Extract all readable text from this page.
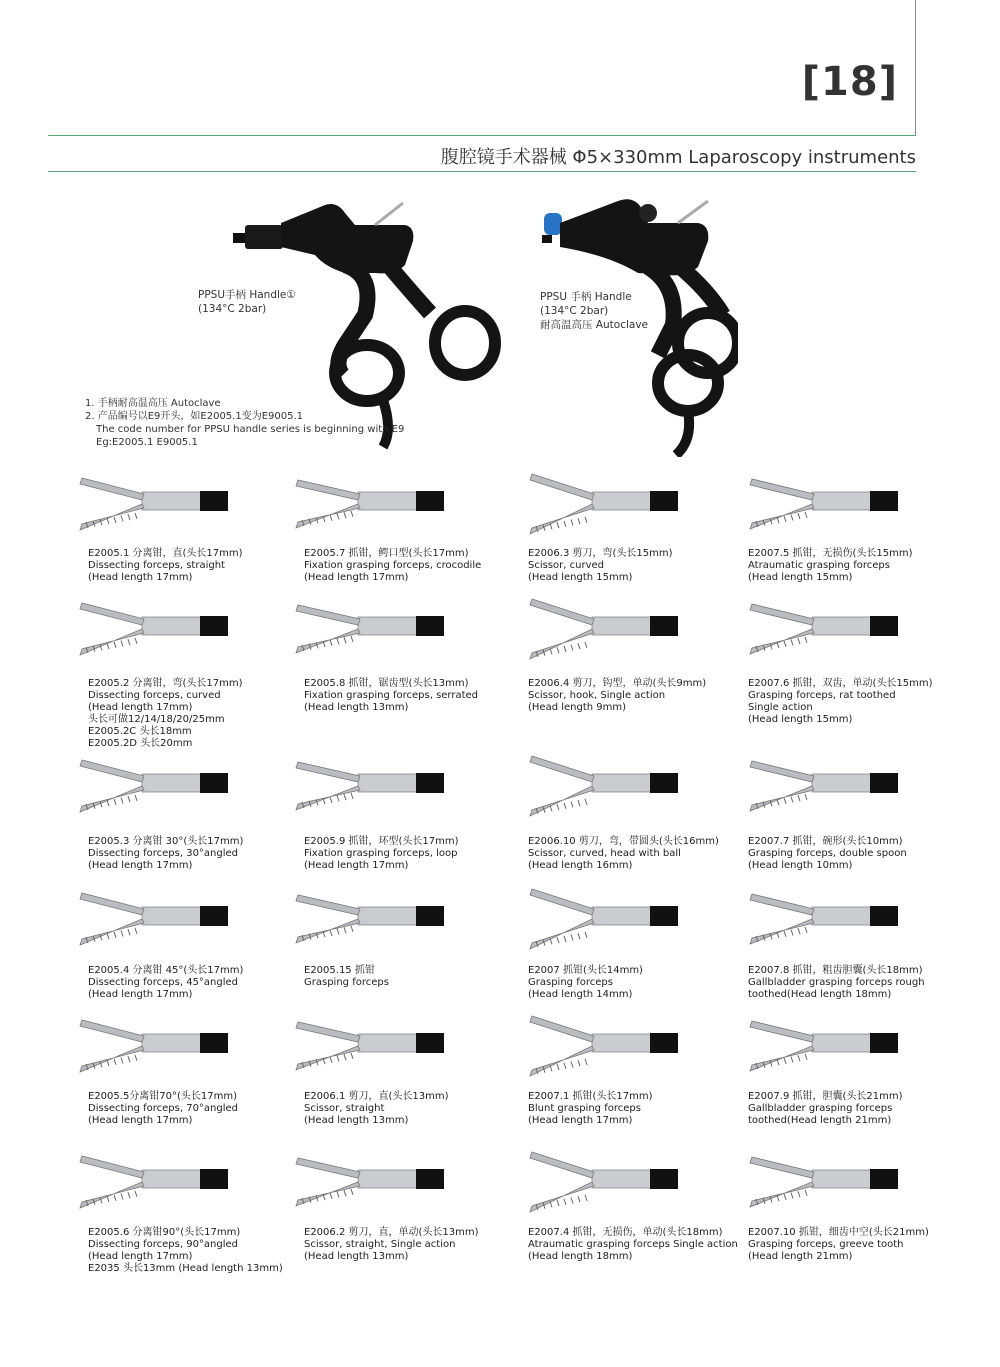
[18]
腹腔镜手术器械 Φ5×330mm Laparoscopy instruments
PPSU手柄 Handle①
(134°C 2bar)
PPSU 手柄 Handle
(134°C 2bar)
耐高温高压 Autoclave
1. 手柄耐高温高压 Autoclave
2. 产品编号以E9开头，如E2005.1变为E9005.1
The code number for PPSU handle series is beginning with E9
Eg:E2005.1 E9005.1
E2005.1 分离钳，直(头长17mm)
Dissecting forceps, straight
(Head length 17mm)
E2005.7 抓钳，鳄口型(头长17mm)
Fixation grasping forceps, crocodile
(Head length 17mm)
E2006.3 剪刀，弯(头长15mm)
Scissor, curved
(Head length 15mm)
E2007.5 抓钳，无损伤(头长15mm)
Atraumatic grasping forceps
(Head length 15mm)
E2005.2 分离钳，弯(头长17mm)
Dissecting forceps, curved
(Head length 17mm)
头长可做12/14/18/20/25mm
E2005.2C 头长18mm
E2005.2D 头长20mm
E2005.8 抓钳，锯齿型(头长13mm)
Fixation grasping forceps, serrated
(Head length 13mm)
E2006.4 剪刀，钩型，单动(头长9mm)
Scissor, hook, Single action
(Head length 9mm)
E2007.6 抓钳，双齿，单动(头长15mm)
Grasping forceps, rat toothed
Single action
(Head length 15mm)
E2005.3 分离钳 30°(头长17mm)
Dissecting forceps, 30°angled
(Head length 17mm)
E2005.9 抓钳，环型(头长17mm)
Fixation grasping forceps, loop
(Head length 17mm)
E2006.10 剪刀，弯，带圆头(头长16mm)
Scissor, curved, head with ball
(Head length 16mm)
E2007.7 抓钳，碗形(头长10mm)
Grasping forceps, double spoon
(Head length 10mm)
E2005.4 分离钳 45°(头长17mm)
Dissecting forceps, 45°angled
(Head length 17mm)
E2005.15 抓钳
Grasping forceps
E2007 抓钳(头长14mm)
Grasping forceps
(Head length 14mm)
E2007.8 抓钳，粗齿胆囊(头长18mm)
Gallbladder grasping forceps rough
toothed(Head length 18mm)
E2005.5分离钳70°(头长17mm)
Dissecting forceps, 70°angled
(Head length 17mm)
E2006.1 剪刀，直(头长13mm)
Scissor, straight
(Head length 13mm)
E2007.1 抓钳(头长17mm)
Blunt grasping forceps
(Head length 17mm)
E2007.9 抓钳，胆囊(头长21mm)
Gallbladder grasping forceps
toothed(Head length 21mm)
E2005.6 分离钳90°(头长17mm)
Dissecting forceps, 90°angled
(Head length 17mm)
E2035 头长13mm (Head length 13mm)
E2006.2 剪刀，直，单动(头长13mm)
Scissor, straight, Single action
(Head length 13mm)
E2007.4 抓钳，无损伤，单动(头长18mm)
Atraumatic grasping forceps Single action
(Head length 18mm)
E2007.10 抓钳，细齿中空(头长21mm)
Grasping forceps, greeve tooth
(Head length 21mm)
